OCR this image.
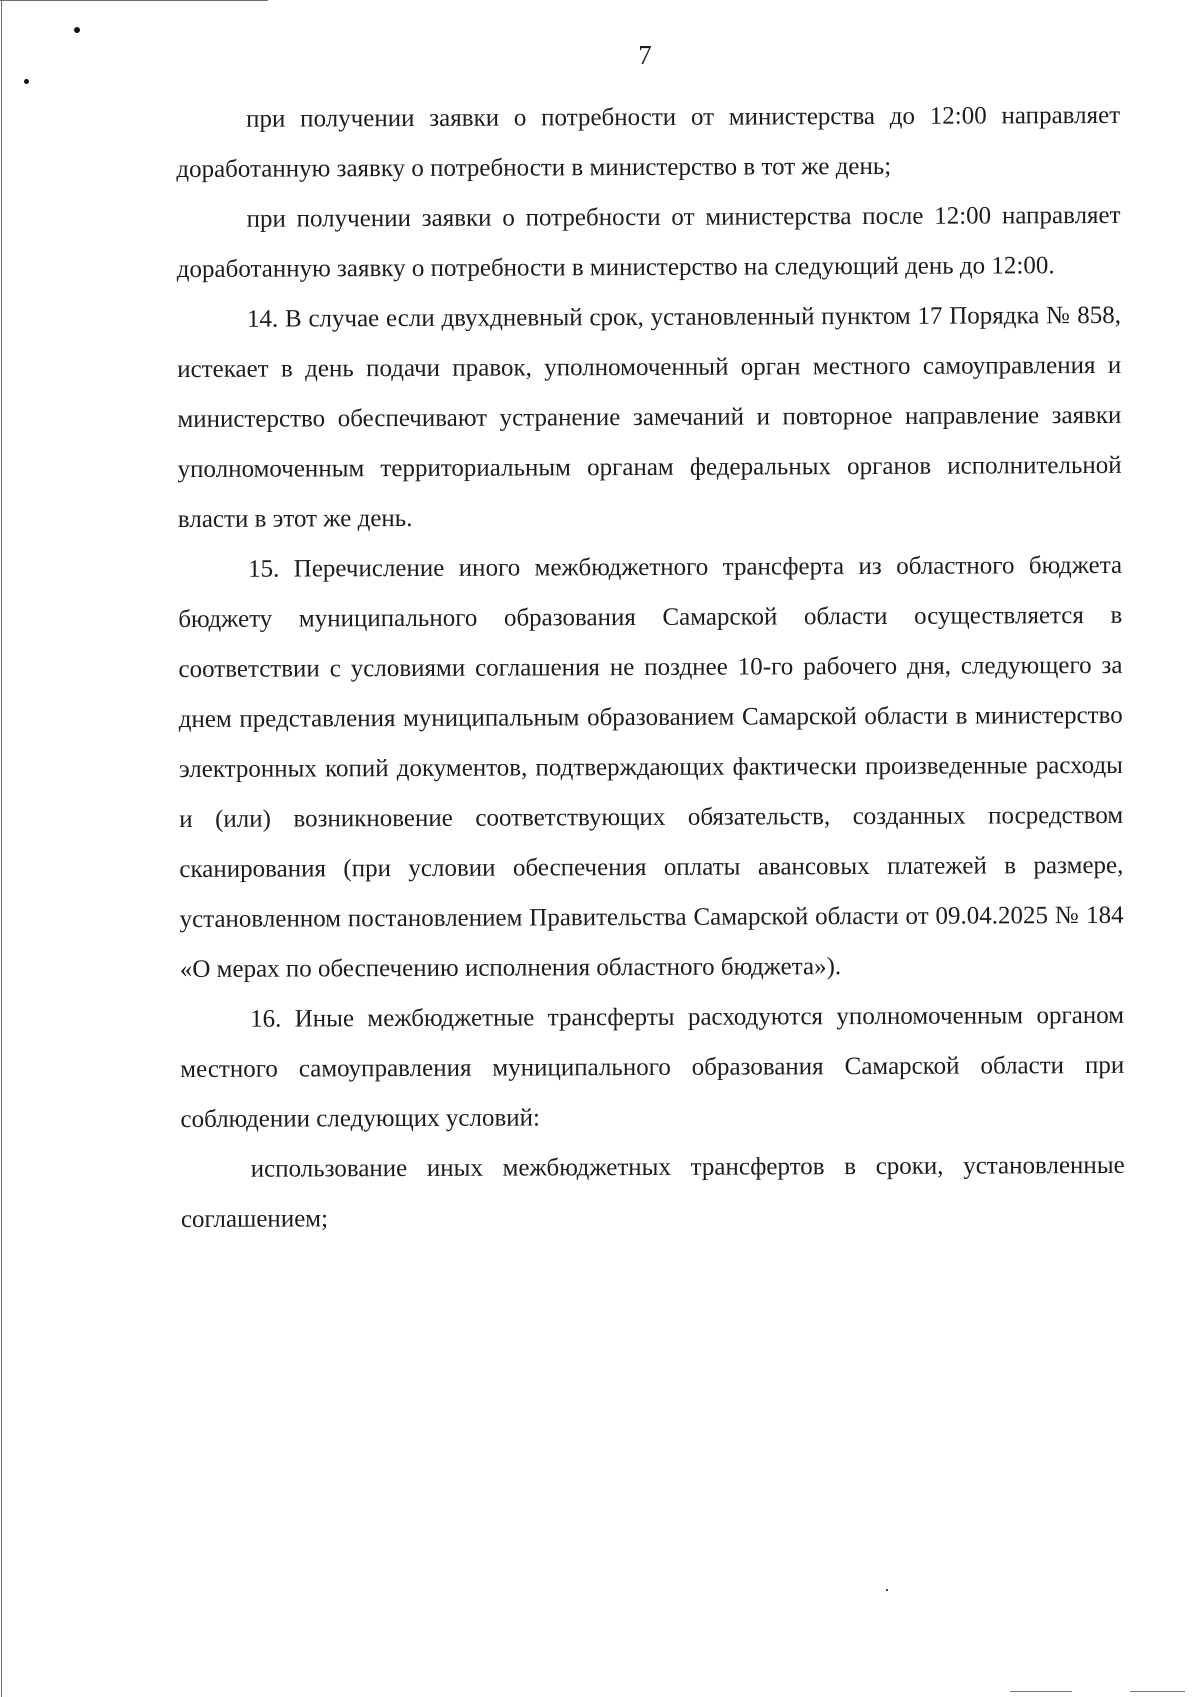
7

при получении заявки о потребности от министерства до 12:00 направляет доработанную заявку о потребности в министерство в тот же день;

при получении заявки о потребности от министерства после 12:00 направляет доработанную заявку о потребности в министерство на следующий день до 12:00.

14. В случае если двухдневный срок, установленный пунктом 17 Порядка № 858, истекает в день подачи правок, уполномоченный орган местного самоуправления и министерство обеспечивают устранение замечаний и повторное направление заявки уполномоченным территориальным органам федеральных органов исполнительной власти в этот же день.

15. Перечисление иного межбюджетного трансферта из областного бюджета бюджету муниципального образования Самарской области осуществляется в соответствии с условиями соглашения не позднее 10-го рабочего дня, следующего за днем представления муниципальным образованием Самарской области в министерство электронных копий документов, подтверждающих фактически произведенные расходы и (или) возникновение соответствующих обязательств, созданных посредством сканирования (при условии обеспечения оплаты авансовых платежей в размере, установленном постановлением Правительства Самарской области от 09.04.2025 № 184 «О мерах по обеспечению исполнения областного бюджета»).

16. Иные межбюджетные трансферты расходуются уполномоченным органом местного самоуправления муниципального образования Самарской области при соблюдении следующих условий:

использование иных межбюджетных трансфертов в сроки, установленные соглашением;
